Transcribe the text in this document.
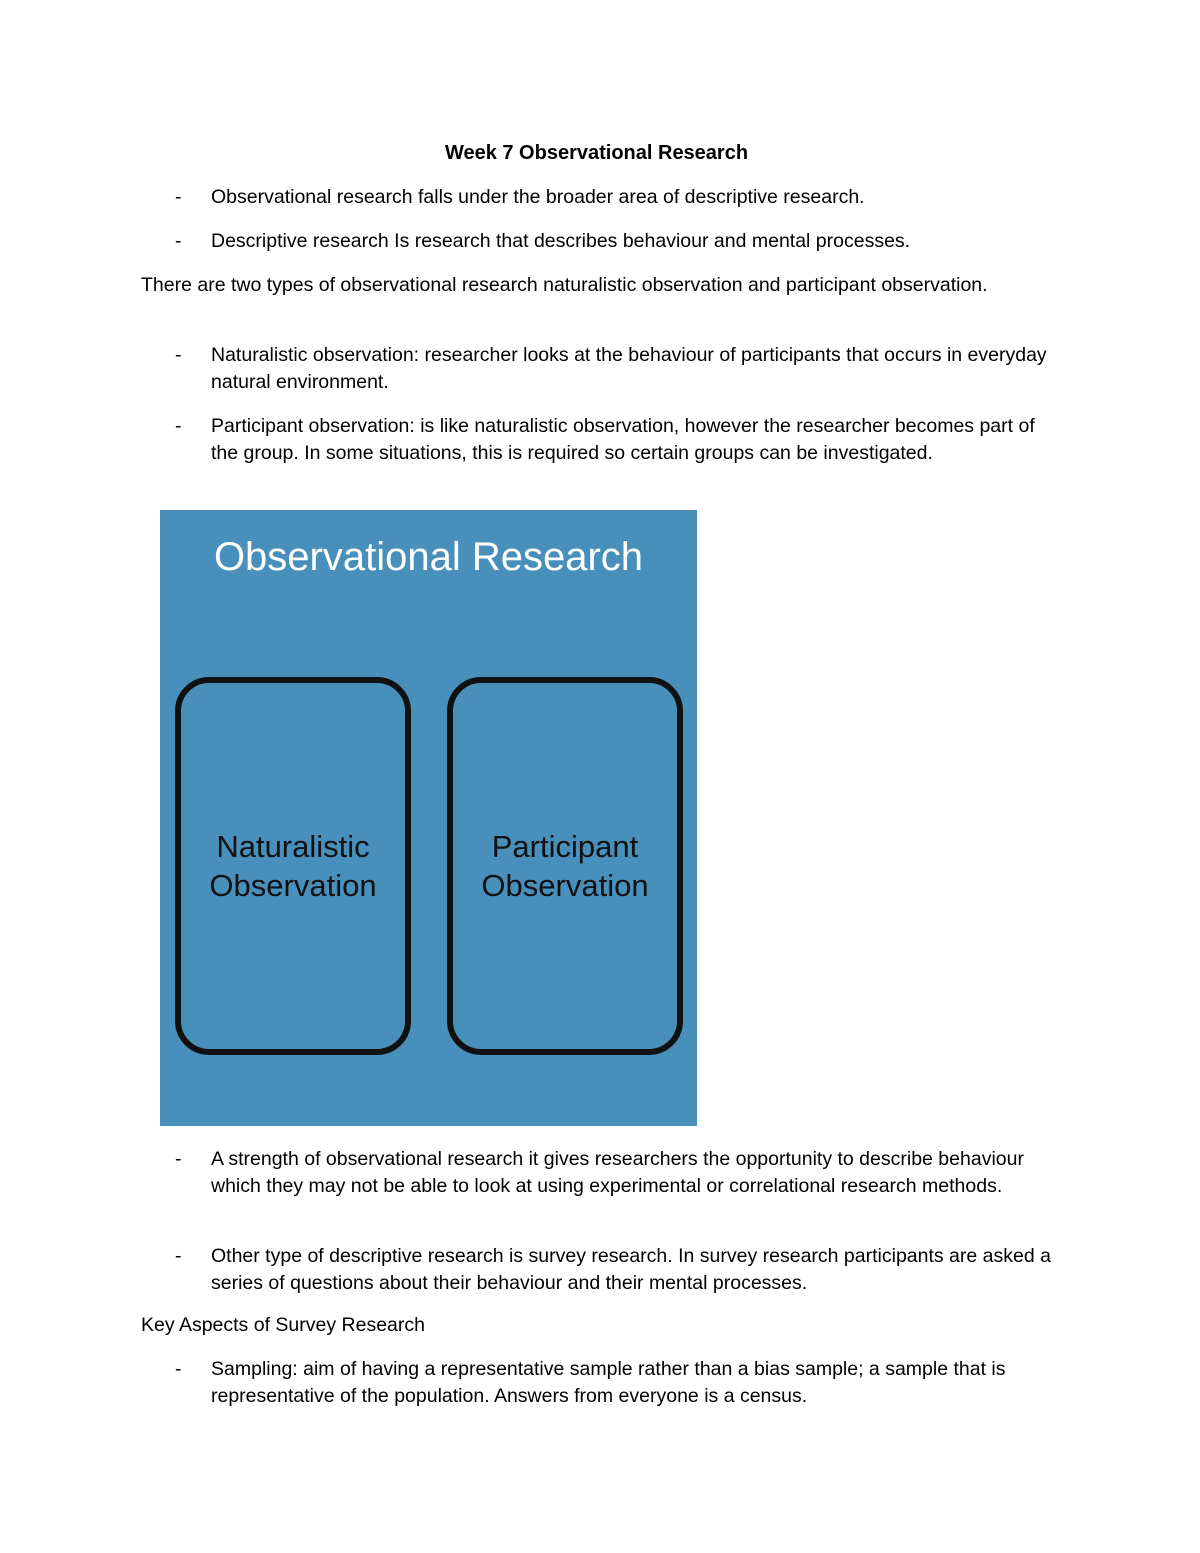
Week 7 Observational Research
-	Observational research falls under the broader area of descriptive research.
-	Descriptive research Is research that describes behaviour and mental processes.
There are two types of observational research naturalistic observation and participant observation.
-	Naturalistic observation: researcher looks at the behaviour of participants that occurs in everyday natural environment.
-	Participant observation: is like naturalistic observation, however the researcher becomes part of the group. In some situations, this is required so certain groups can be investigated.
Observational Research
Naturalistic
Observation
Participant
Observation
-	A strength of observational research it gives researchers the opportunity to describe behaviour which they may not be able to look at using experimental or correlational research methods.
-	Other type of descriptive research is survey research. In survey research participants are asked a series of questions about their behaviour and their mental processes.
Key Aspects of Survey Research
-	Sampling: aim of having a representative sample rather than a bias sample; a sample that is representative of the population. Answers from everyone is a census.
